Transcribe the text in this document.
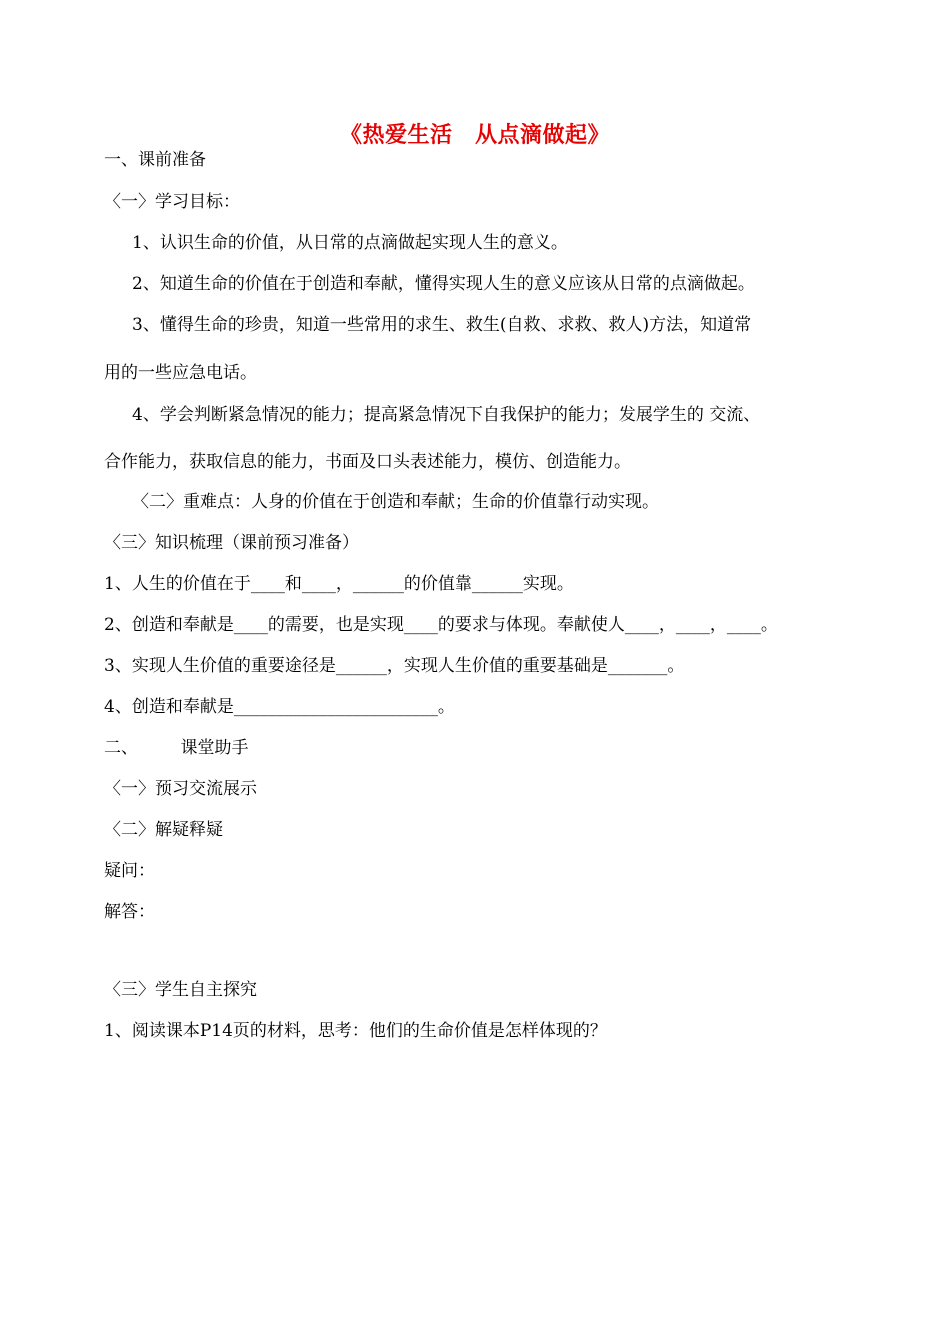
《热爱生活　从点滴做起》
一、课前准备
〈一〉学习目标：
1、认识生命的价值，从日常的点滴做起实现人生的意义。
2、知道生命的价值在于创造和奉献，懂得实现人生的意义应该从日常的点滴做起。
3、懂得生命的珍贵，知道一些常用的求生、救生(自救、求救、救人)方法，知道常
用的一些应急电话。
4、学会判断紧急情况的能力；提高紧急情况下自我保护的能力；发展学生的 交流、
合作能力，获取信息的能力，书面及口头表述能力，模仿、创造能力。
〈二〉重难点：人身的价值在于创造和奉献；生命的价值靠行动实现。
〈三〉知识梳理（课前预习准备）
1、人生的价值在于____和____，______的价值靠______实现。
2、创造和奉献是____的需要，也是实现____的要求与体现。奉献使人____，____，____。
3、实现人生价值的重要途径是______，实现人生价值的重要基础是_______。
4、创造和奉献是________________________。
二、　　　课堂助手
〈一〉预习交流展示
〈二〉解疑释疑
疑问：
解答：
〈三〉学生自主探究
1、阅读课本P14页的材料，思考：他们的生命价值是怎样体现的？
